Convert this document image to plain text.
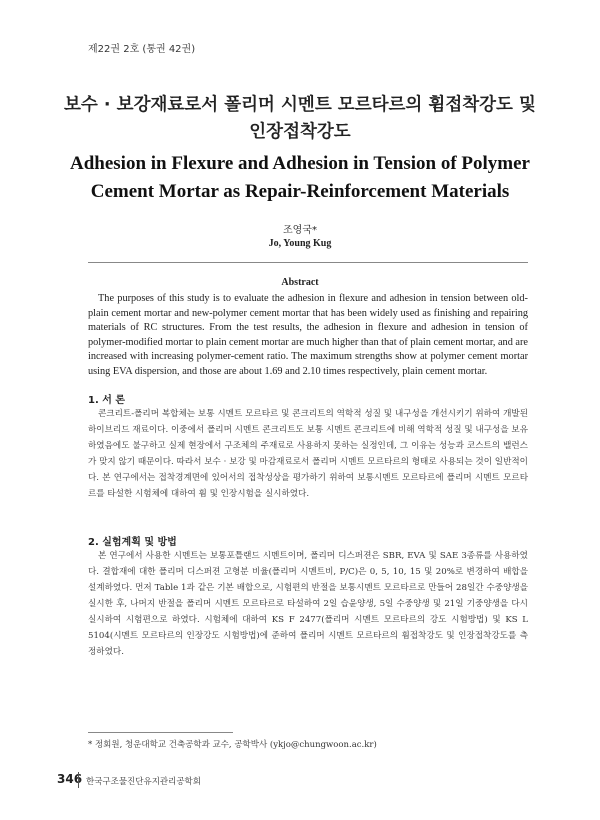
제22권 2호 (통권 42권)
보수 · 보강재료로서 폴리머 시멘트 모르타르의 휨접착강도 및 인장접착강도
Adhesion in Flexure and Adhesion in Tension of Polymer Cement Mortar as Repair-Reinforcement Materials
조영국*
Jo, Young Kug
Abstract
The purposes of this study is to evaluate the adhesion in flexure and adhesion in tension between old-plain cement mortar and new-polymer cement mortar that has been widely used as finishing and repairing materials of RC structures. From the test results, the adhesion in flexure and adhesion in tension of polymer-modified mortar to plain cement mortar are much higher than that of plain cement mortar, and are increased with increasing polymer-cement ratio. The maximum strengths show at polymer cement mortar using EVA dispersion, and those are about 1.69 and 2.10 times respectively, plain cement mortar.
1. 서 론
콘크리트-폴리머 복합체는 보통 시멘트 모르타르 및 콘크리트의 역학적 성질 및 내구성을 개선시키기 위하여 개발된 하이브리드 재료이다. 이중에서 폴리머 시멘트 콘크리트도 보통 시멘트 콘크리트에 비해 역학적 성질 및 내구성을 보유하였음에도 불구하고 실제 현장에서 구조체의 주재료로 사용하지 못하는 실정인데, 그 이유는 성능과 코스트의 밸런스가 맞지 않기 때문이다. 따라서 보수 · 보강 및 마감재료로서 폴리머 시멘트 모르타르의 형태로 사용되는 것이 일반적이다. 본 연구에서는 접착경계면에 있어서의 접착성상을 평가하기 위하여 보통시멘트 모르타르에 폴리머 시멘트 모르타르를 타설한 시험체에 대하여 휨 및 인장시험을 실시하였다.
2. 실험계획 및 방법
본 연구에서 사용한 시멘트는 보통포틀랜드 시멘트이며, 폴리머 디스퍼젼은 SBR, EVA 및 SAE 3종류를 사용하였다. 결합재에 대한 폴리머 디스퍼젼 고형분 비율(폴리머 시멘트비, P/C)은 0, 5, 10, 15 및 20%로 변경하여 배합을 설계하였다. 먼저 Table 1과 같은 기본 배합으로, 시험편의 반절을 보통시멘트 모르타르로 만들어 28일간 수중양생을 실시한 후, 나머지 반절을 폴리머 시멘트 모르타르로 타설하여 2일 습윤양생, 5일 수중양생 및 21일 기중양생을 다시 실시하여 시험편으로 하였다. 시험체에 대하여 KS F 2477(폴리머 시멘트 모르타르의 강도 시험방법) 및 KS L 5104(시멘트 모르타르의 인장강도 시험방법)에 준하여 폴리머 시멘트 모르타르의 휨접착강도 및 인장접착강도를 측정하였다.
* 정회원, 청운대학교 건축공학과 교수, 공학박사 (ykjo@chungwoon.ac.kr)
346 한국구조물진단유지관리공학회
